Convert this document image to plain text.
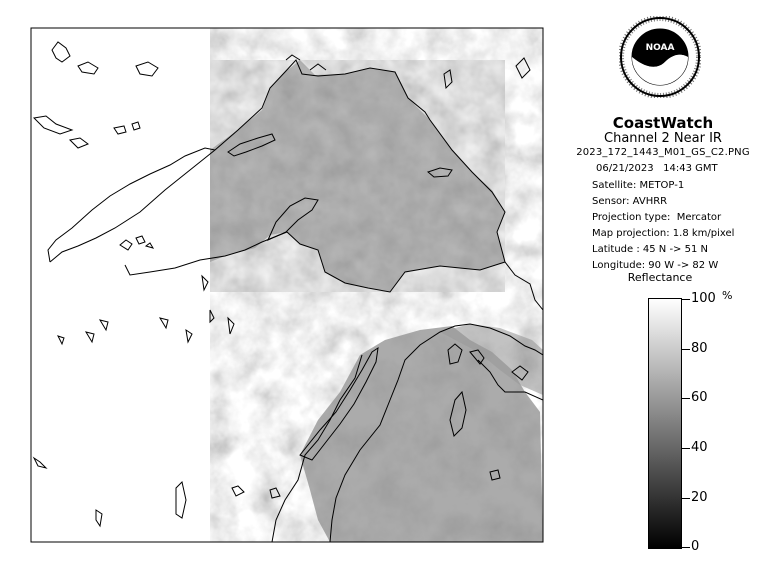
NOAA
CoastWatch
Channel 2 Near IR
2023_172_1443_M01_GS_C2.PNG
06/21/2023   14:43 GMT
Satellite: METOP-1
Sensor: AVHRR
Projection type:  Mercator
Map projection: 1.8 km/pixel
Latitude : 45 N -> 51 N
Longitude: 90 W -> 82 W
Reflectance
%
100
80
60
40
20
0
